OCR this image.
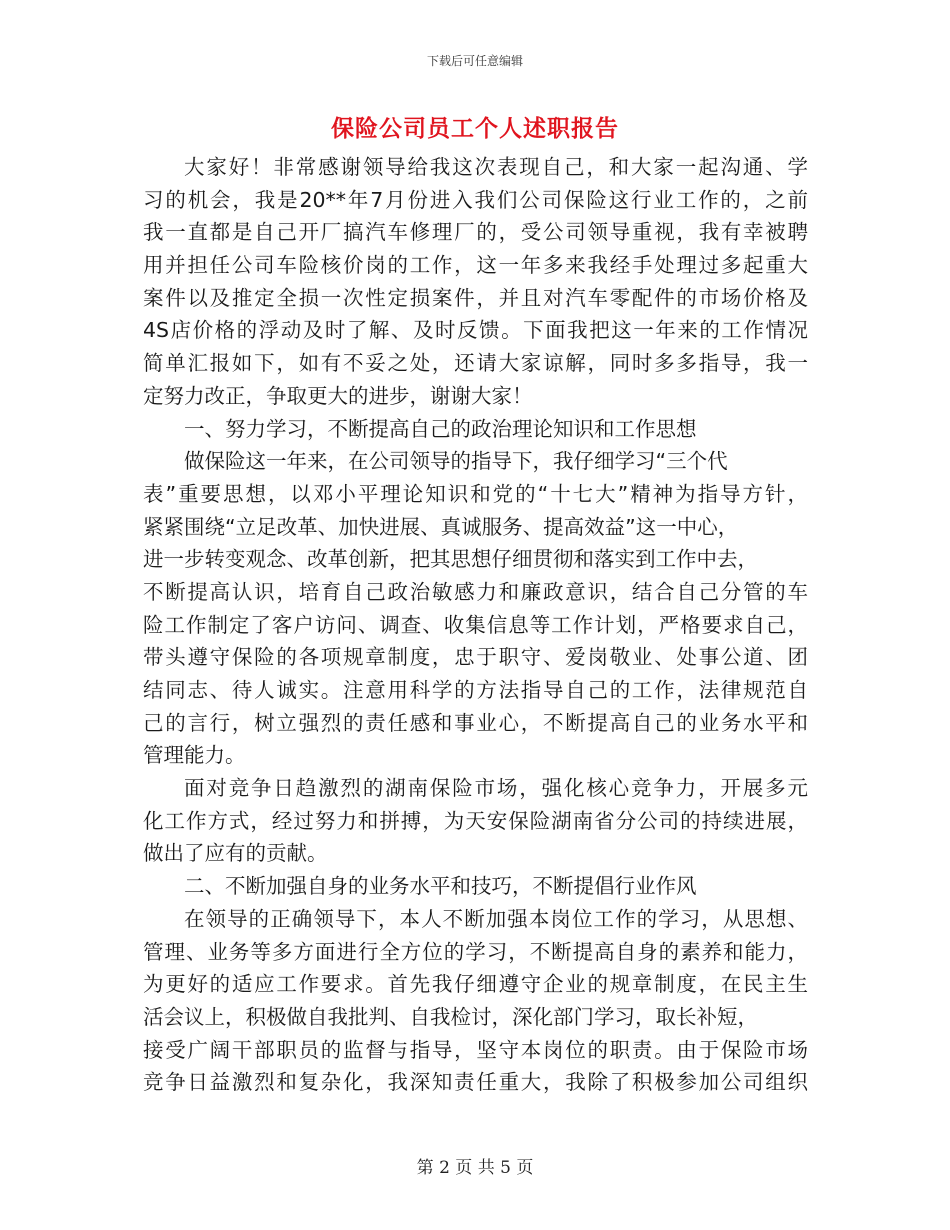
下载后可任意编辑
保险公司员工个人述职报告
大家好！非常感谢领导给我这次表现自己，和大家一起沟通、学
习的机会，我是20**年7月份进入我们公司保险这行业工作的，之前
我一直都是自己开厂搞汽车修理厂的，受公司领导重视，我有幸被聘
用并担任公司车险核价岗的工作，这一年多来我经手处理过多起重大
案件以及推定全损一次性定损案件，并且对汽车零配件的市场价格及
4S店价格的浮动及时了解、及时反馈。下面我把这一年来的工作情况
简单汇报如下，如有不妥之处，还请大家谅解，同时多多指导，我一
定努力改正，争取更大的进步，谢谢大家！
一、努力学习，不断提高自己的政治理论知识和工作思想
做保险这一年来，在公司领导的指导下，我仔细学习“三个代
表”重要思想，以邓小平理论知识和党的“十七大”精神为指导方针，
紧紧围绕“立足改革、加快进展、真诚服务、提高效益”这一中心，
进一步转变观念、改革创新，把其思想仔细贯彻和落实到工作中去，
不断提高认识，培育自己政治敏感力和廉政意识，结合自己分管的车
险工作制定了客户访问、调查、收集信息等工作计划，严格要求自己，
带头遵守保险的各项规章制度，忠于职守、爱岗敬业、处事公道、团
结同志、待人诚实。注意用科学的方法指导自己的工作，法律规范自
己的言行，树立强烈的责任感和事业心，不断提高自己的业务水平和
管理能力。
面对竞争日趋激烈的湖南保险市场，强化核心竞争力，开展多元
化工作方式，经过努力和拼搏，为天安保险湖南省分公司的持续进展，
做出了应有的贡献。
二、不断加强自身的业务水平和技巧，不断提倡行业作风
在领导的正确领导下，本人不断加强本岗位工作的学习，从思想、
管理、业务等多方面进行全方位的学习，不断提高自身的素养和能力，
为更好的适应工作要求。首先我仔细遵守企业的规章制度，在民主生
活会议上，积极做自我批判、自我检讨，深化部门学习，取长补短，
接受广阔干部职员的监督与指导，坚守本岗位的职责。由于保险市场
竞争日益激烈和复杂化，我深知责任重大，我除了积极参加公司组织
第 2 页 共 5 页
